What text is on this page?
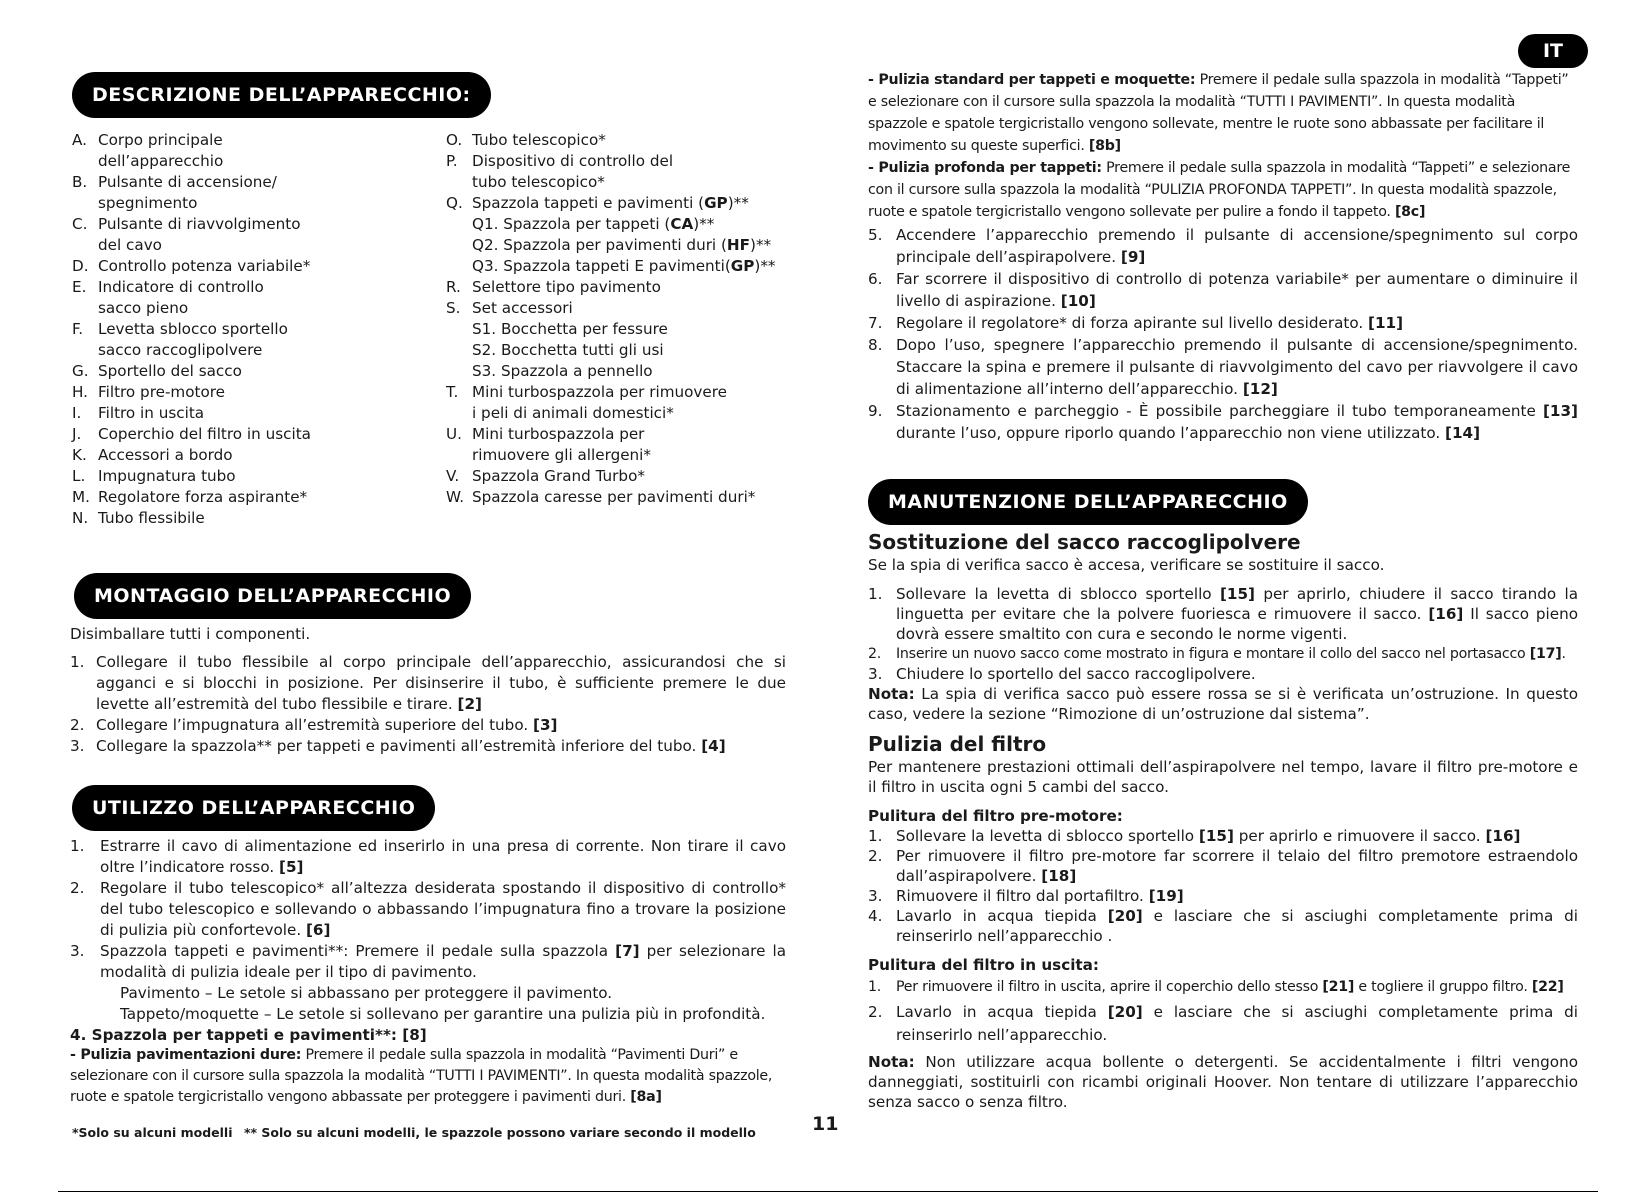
IT
DESCRIZIONE DELL’APPARECCHIO:
A. Corpo principale
dell’apparecchio
B. Pulsante di accensione/
spegnimento
C. Pulsante di riavvolgimento
del cavo
D. Controllo potenza variabile*
E. Indicatore di controllo
sacco pieno
F. Levetta sblocco sportello
sacco raccoglipolvere
G. Sportello del sacco
H. Filtro pre-motore
I.	Filtro in uscita
J.	Coperchio del filtro in uscita
K. Accessori a bordo
L. Impugnatura tubo
M. Regolatore forza aspirante*
N. Tubo flessibile
O. Tubo telescopico*
P. Dispositivo di controllo del
tubo telescopico*
Q. Spazzola tappeti e pavimenti (GP)**
Q1. Spazzola per tappeti (CA)**
Q2. Spazzola per pavimenti duri (HF)**
Q3. Spazzola tappeti E pavimenti(GP)**
R. Selettore tipo pavimento
S. Set accessori
S1. Bocchetta per fessure
S2. Bocchetta tutti gli usi
S3. Spazzola a pennello
T. Mini turbospazzola per rimuovere
i peli di animali domestici*
U. Mini turbospazzola per
rimuovere gli allergeni*
V. Spazzola Grand Turbo*
W. Spazzola caresse per pavimenti duri*
MONTAGGIO DELL’APPARECCHIO
Disimballare tutti i componenti.
1. Collegare il tubo flessibile al corpo principale dell’apparecchio, assicurandosi che si agganci e si blocchi in posizione. Per disinserire il tubo, è sufficiente premere le due levette all’estremità del tubo flessibile e tirare. [2]
2. Collegare l’impugnatura all’estremità superiore del tubo. [3]
3. Collegare la spazzola** per tappeti e pavimenti all’estremità inferiore del tubo. [4]
UTILIZZO DELL’APPARECCHIO
1.	Estrarre il cavo di alimentazione ed inserirlo in una presa di corrente. Non tirare il cavo oltre l’indicatore rosso. [5]
2.	Regolare il tubo telescopico* all’altezza desiderata spostando il dispositivo di controllo* del tubo telescopico e sollevando o abbassando l’impugnatura fino a trovare la posizione di pulizia più confortevole. [6]
3.	Spazzola tappeti e pavimenti**: Premere il pedale sulla spazzola [7] per selezionare la modalità di pulizia ideale per il tipo di pavimento.
Pavimento – Le setole si abbassano per proteggere il pavimento.
Tappeto/moquette – Le setole si sollevano per garantire una pulizia più in profondità.
4. Spazzola per tappeti e pavimenti**: [8]
- Pulizia pavimentazioni dure: Premere il pedale sulla spazzola in modalità “Pavimenti Duri” e
selezionare con il cursore sulla spazzola la modalità “TUTTI I PAVIMENTI”. In questa modalità spazzole,
ruote e spatole tergicristallo vengono abbassate per proteggere i pavimenti duri. [8a]
*Solo su alcuni modelli ** Solo su alcuni modelli, le spazzole possono variare secondo il modello	11
- Pulizia standard per tappeti e moquette: Premere il pedale sulla spazzola in modalità “Tappeti”
e selezionare con il cursore sulla spazzola la modalità “TUTTI I PAVIMENTI”. In questa modalità
spazzole e spatole tergicristallo vengono sollevate, mentre le ruote sono abbassate per facilitare il
movimento su queste superfici. [8b]
- Pulizia profonda per tappeti: Premere il pedale sulla spazzola in modalità “Tappeti” e selezionare
con il cursore sulla spazzola la modalità “PULIZIA PROFONDA TAPPETI”. In questa modalità spazzole,
ruote e spatole tergicristallo vengono sollevate per pulire a fondo il tappeto. [8c]
5. Accendere l’apparecchio premendo il pulsante di accensione/spegnimento sul corpo principale dell’aspirapolvere. [9]
6. Far scorrere il dispositivo di controllo di potenza variabile* per aumentare o diminuire il livello di aspirazione. [10]
7. Regolare il regolatore* di forza apirante sul livello desiderato. [11]
8. Dopo l’uso, spegnere l’apparecchio premendo il pulsante di accensione/spegnimento. Staccare la spina e premere il pulsante di riavvolgimento del cavo per riavvolgere il cavo di alimentazione all’interno dell’apparecchio. [12]
9. Stazionamento e parcheggio - È possibile parcheggiare il tubo temporaneamente [13] durante l’uso, oppure riporlo quando l’apparecchio non viene utilizzato. [14]
MANUTENZIONE DELL’APPARECCHIO
Sostituzione del sacco raccoglipolvere
Se la spia di verifica sacco è accesa, verificare se sostituire il sacco.
1. Sollevare la levetta di sblocco sportello [15] per aprirlo, chiudere il sacco tirando la linguetta per evitare che la polvere fuoriesca e rimuovere il sacco. [16] Il sacco pieno dovrà essere smaltito con cura e secondo le norme vigenti.
2.	Inserire un nuovo sacco come mostrato in figura e montare il collo del sacco nel portasacco [17].
3. Chiudere lo sportello del sacco raccoglipolvere.
Nota: La spia di verifica sacco può essere rossa se si è verificata un’ostruzione. In questo caso, vedere la sezione “Rimozione di un’ostruzione dal sistema”.
Pulizia del filtro
Per mantenere prestazioni ottimali dell’aspirapolvere nel tempo, lavare il filtro pre-motore e il filtro in uscita ogni 5 cambi del sacco.
Pulitura del filtro pre-motore:
1. Sollevare la levetta di sblocco sportello [15] per aprirlo e rimuovere il sacco. [16]
2. Per rimuovere il filtro pre-motore far scorrere il telaio del filtro premotore estraendolo dall’aspirapolvere. [18]
3. Rimuovere il filtro dal portafiltro. [19]
4. Lavarlo in acqua tiepida [20] e lasciare che si asciughi completamente prima di reinserirlo nell’apparecchio .
Pulitura del filtro in uscita:
1.	Per rimuovere il filtro in uscita, aprire il coperchio dello stesso [21] e togliere il gruppo filtro. [22]
2. Lavarlo in acqua tiepida [20] e lasciare che si asciughi completamente prima di reinserirlo nell’apparecchio.
Nota: Non utilizzare acqua bollente o detergenti. Se accidentalmente i filtri vengono danneggiati, sostituirli con ricambi originali Hoover. Non tentare di utilizzare l’apparecchio senza sacco o senza filtro.
